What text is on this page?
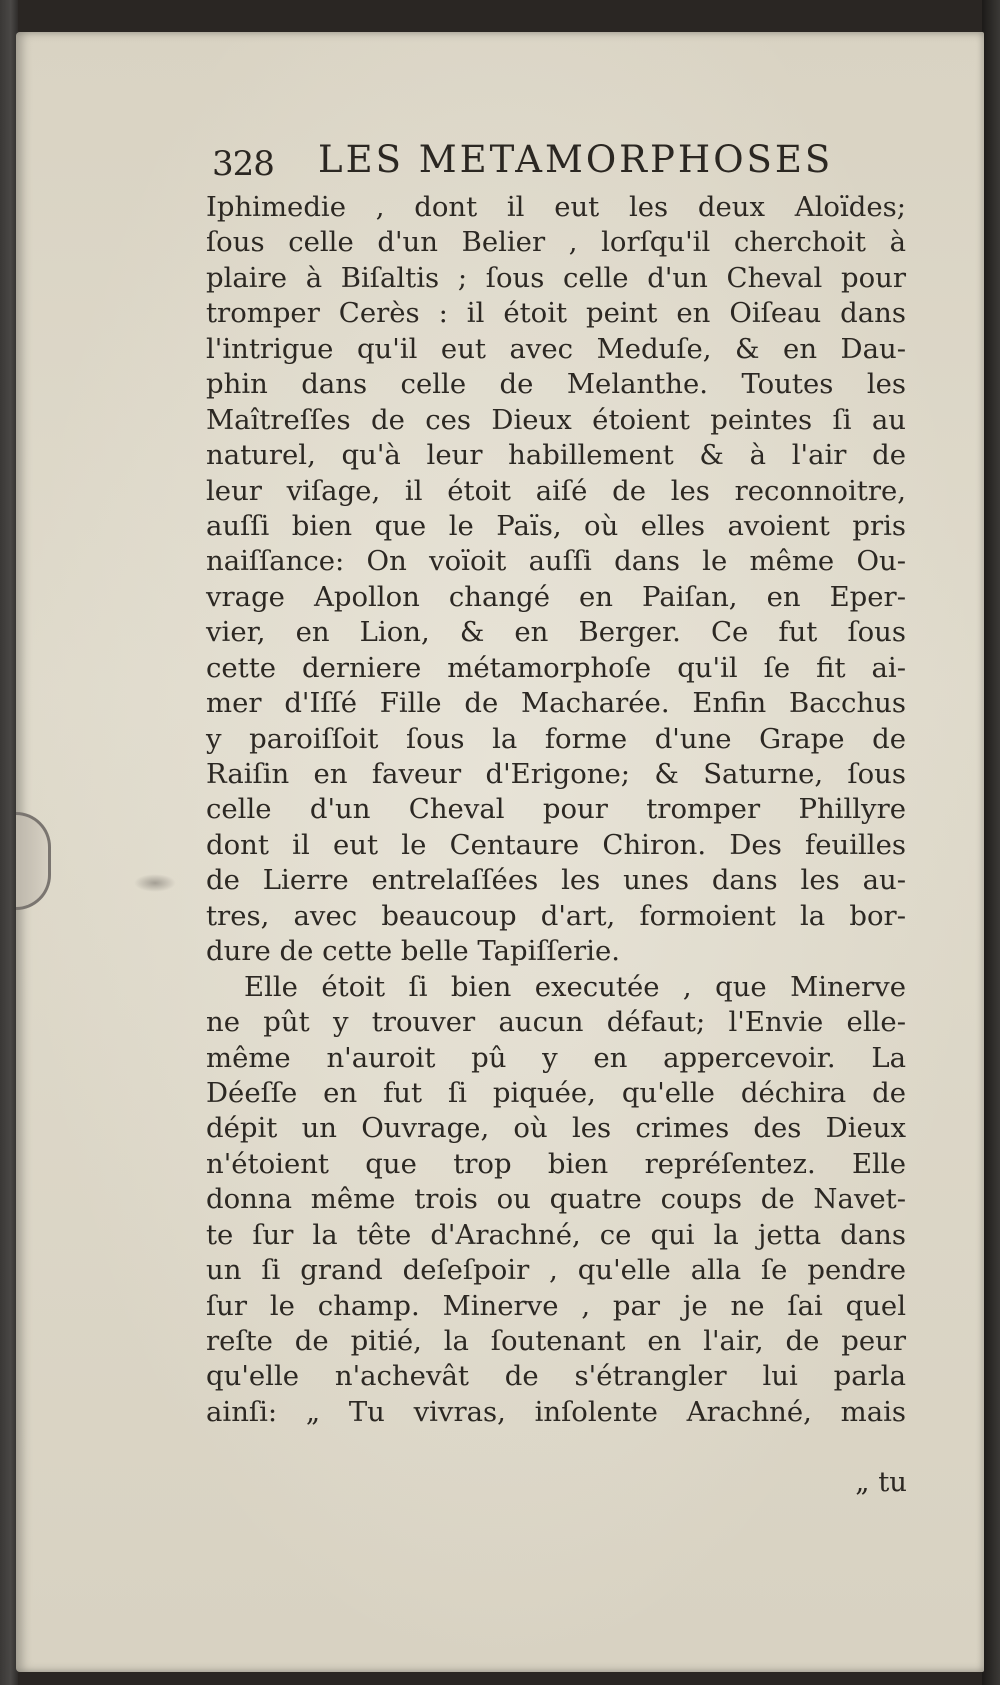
328 LES METAMORPHOSES
Iphimedie , dont il eut les deux Aloïdes;
ſous celle d'un Belier , lorſqu'il cherchoit à
plaire à Biſaltis ; ſous celle d'un Cheval pour
tromper Cerès : il étoit peint en Oiſeau dans
l'intrigue qu'il eut avec Meduſe, & en Dau-
phin dans celle de Melanthe. Toutes les
Maîtreſſes de ces Dieux étoient peintes ſi au
naturel, qu'à leur habillement & à l'air de
leur viſage, il étoit aiſé de les reconnoitre,
auſſi bien que le Païs, où elles avoient pris
naiſſance: On voïoit auſſi dans le même Ou-
vrage Apollon changé en Paiſan, en Eper-
vier, en Lion, & en Berger. Ce fut ſous
cette derniere métamorphoſe qu'il ſe fit ai-
mer d'Iſſé Fille de Macharée. Enfin Bacchus
y paroiſſoit ſous la forme d'une Grape de
Raiſin en faveur d'Erigone; & Saturne, ſous
celle d'un Cheval pour tromper Phillyre
dont il eut le Centaure Chiron. Des feuilles
de Lierre entrelaſſées les unes dans les au-
tres, avec beaucoup d'art, formoient la bor-
dure de cette belle Tapiſſerie.
Elle étoit ſi bien executée , que Minerve
ne pût y trouver aucun défaut; l'Envie elle-
même n'auroit pû y en appercevoir. La
Déeſſe en fut ſi piquée, qu'elle déchira de
dépit un Ouvrage, où les crimes des Dieux
n'étoient que trop bien repréſentez. Elle
donna même trois ou quatre coups de Navet-
te ſur la tête d'Arachné, ce qui la jetta dans
un ſi grand deſeſpoir , qu'elle alla ſe pendre
ſur le champ. Minerve , par je ne ſai quel
reſte de pitié, la ſoutenant en l'air, de peur
qu'elle n'achevât de s'étrangler lui parla
ainſi: „ Tu vivras, inſolente Arachné, mais
„ tu
